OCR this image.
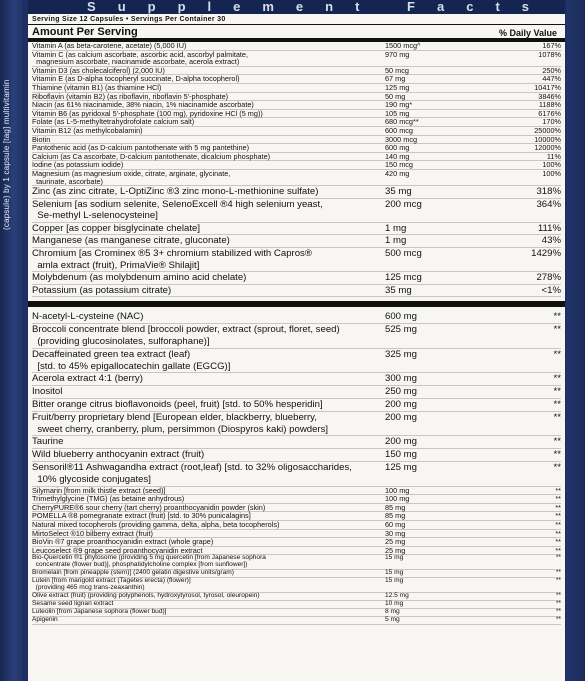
(capsule) by 1 capsule [tag] multivitamin
Supplement Facts
Serving Size 12 Capsules • Servings Per Container 30
Amount Per Serving	% Daily Value
Vitamin A (as beta-carotene, acetate) (5,000 IU)	1500 mcg^	167%
Vitamin C (as calcium ascorbate, ascorbic acid, ascorbyl palmitate,
magnesium ascorbate, niacinamide ascorbate, acerola extract)
970 mg	1078%
Vitamin D3 (as cholecalciferol) (2,000 IU)	50 mcg	250%
Vitamin E (as D-alpha tocopheryl succinate, D-alpha tocopherol)	67 mg	447%
Thiamine (vitamin B1) (as thiamine HCl)	125 mg	10417%
Riboflavin (vitamin B2) (as riboflavin, riboflavin 5'-phosphate)	50 mg	3846%
Niacin (as 61% niacinamide, 38% niacin, 1% niacinamide ascorbate)	190 mg*	1188%
Vitamin B6 (as pyridoxal 5'-phosphate (100 mg), pyridoxine HCl (5 mg))	105 mg	6176%
Folate (as L-5-methyltetrahydrofolate calcium salt)	680 mcg**	170%
Vitamin B12 (as methylcobalamin)	600 mcg	25000%
Biotin	3000 mcg	10000%
Pantothenic acid (as D-calcium pantothenate with 5 mg pantethine)	600 mg	12000%
Calcium (as Ca ascorbate, D-calcium pantothenate, dicalcium phosphate)	140 mg	11%
Iodine (as potassium iodide)	150 mcg	100%
Magnesium (as magnesium oxide, citrate, arginate, glycinate,
taurinate, ascorbate)
420 mg	100%
Zinc (as zinc citrate, L-OptiZinc ®3 zinc mono-L-methionine sulfate)	35 mg	318%
Selenium [as sodium selenite, SelenoExcell ®4 high selenium yeast,
Se-methyl L-selenocysteine]
200 mcg	364%
Copper [as copper bisglycinate chelate]	1 mg	111%
Manganese (as manganese citrate, gluconate)	1 mg	43%
Chromium [as Crominex ®5 3+ chromium stabilized with Capros®
amla extract (fruit), PrimaVie® Shilajit]
500 mcg	1429%
Molybdenum (as molybdenum amino acid chelate)	125 mcg	278%
Potassium (as potassium citrate)	35 mg	<1%
N-acetyl-L-cysteine (NAC)	600 mg	**
Broccoli concentrate blend [broccoli powder, extract (sprout, floret, seed)
(providing glucosinolates, sulforaphane)]
525 mg	**
Decaffeinated green tea extract (leaf)
[std. to 45% epigallocatechin gallate (EGCG)]
325 mg	**
Acerola extract 4:1 (berry)	300 mg	**
Inositol	250 mg	**
Bitter orange citrus bioflavonoids (peel, fruit) [std. to 50% hesperidin]	200 mg	**
Fruit/berry proprietary blend [European elder, blackberry, blueberry,
sweet cherry, cranberry, plum, persimmon (Diospyros kaki) powders]
200 mg	**
Taurine	200 mg	**
Wild blueberry anthocyanin extract (fruit)	150 mg	**
Sensoril®11 Ashwagandha extract (root,leaf) [std. to 32% oligosaccharides,
10% glycoside conjugates]
125 mg	**
Silymarin [from milk thistle extract (seed)]	100 mg	**
Trimethylglycine (TMG) (as betaine anhydrous)	100 mg	**
CherryPURE®6 sour cherry (tart cherry) proanthocyanidin powder (skin)	85 mg	**
POMELLA ®8 pomegranate extract (fruit) [std. to 30% punicalagins]	85 mg	**
Natural mixed tocopherols (providing gamma, delta, alpha, beta tocopherols)	60 mg	**
MirtoSelect ®10 bilberry extract (fruit)	30 mg	**
BioVin ®7 grape proanthocyanidin extract (whole grape)	25 mg	**
Leucoselect ®9 grape seed proanthocyanidin extract	25 mg	**
Bio-Quercetin ®1 phytosome (providing 5 mg quercetin [from Japanese sophora
concentrate (flower bud)], phosphatidylcholine complex [from sunflower])
15 mg	**
Bromelain [from pineapple (stem)] (2400 gelatin digestive units/gram)	15 mg	**
Lutein [from marigold extract (Tagetes erecta) (flower)]
(providing 465 mcg trans-zeaxanthin)
15 mg	**
Olive extract (fruit) (providing polyphenols, hydroxytyrosol, tyrosol, oleuropein)	12.5 mg	**
Sesame seed lignan extract	10 mg	**
Luteolin [from Japanese sophora (flower bud)]	8 mg	**
Apigenin	5 mg	**
